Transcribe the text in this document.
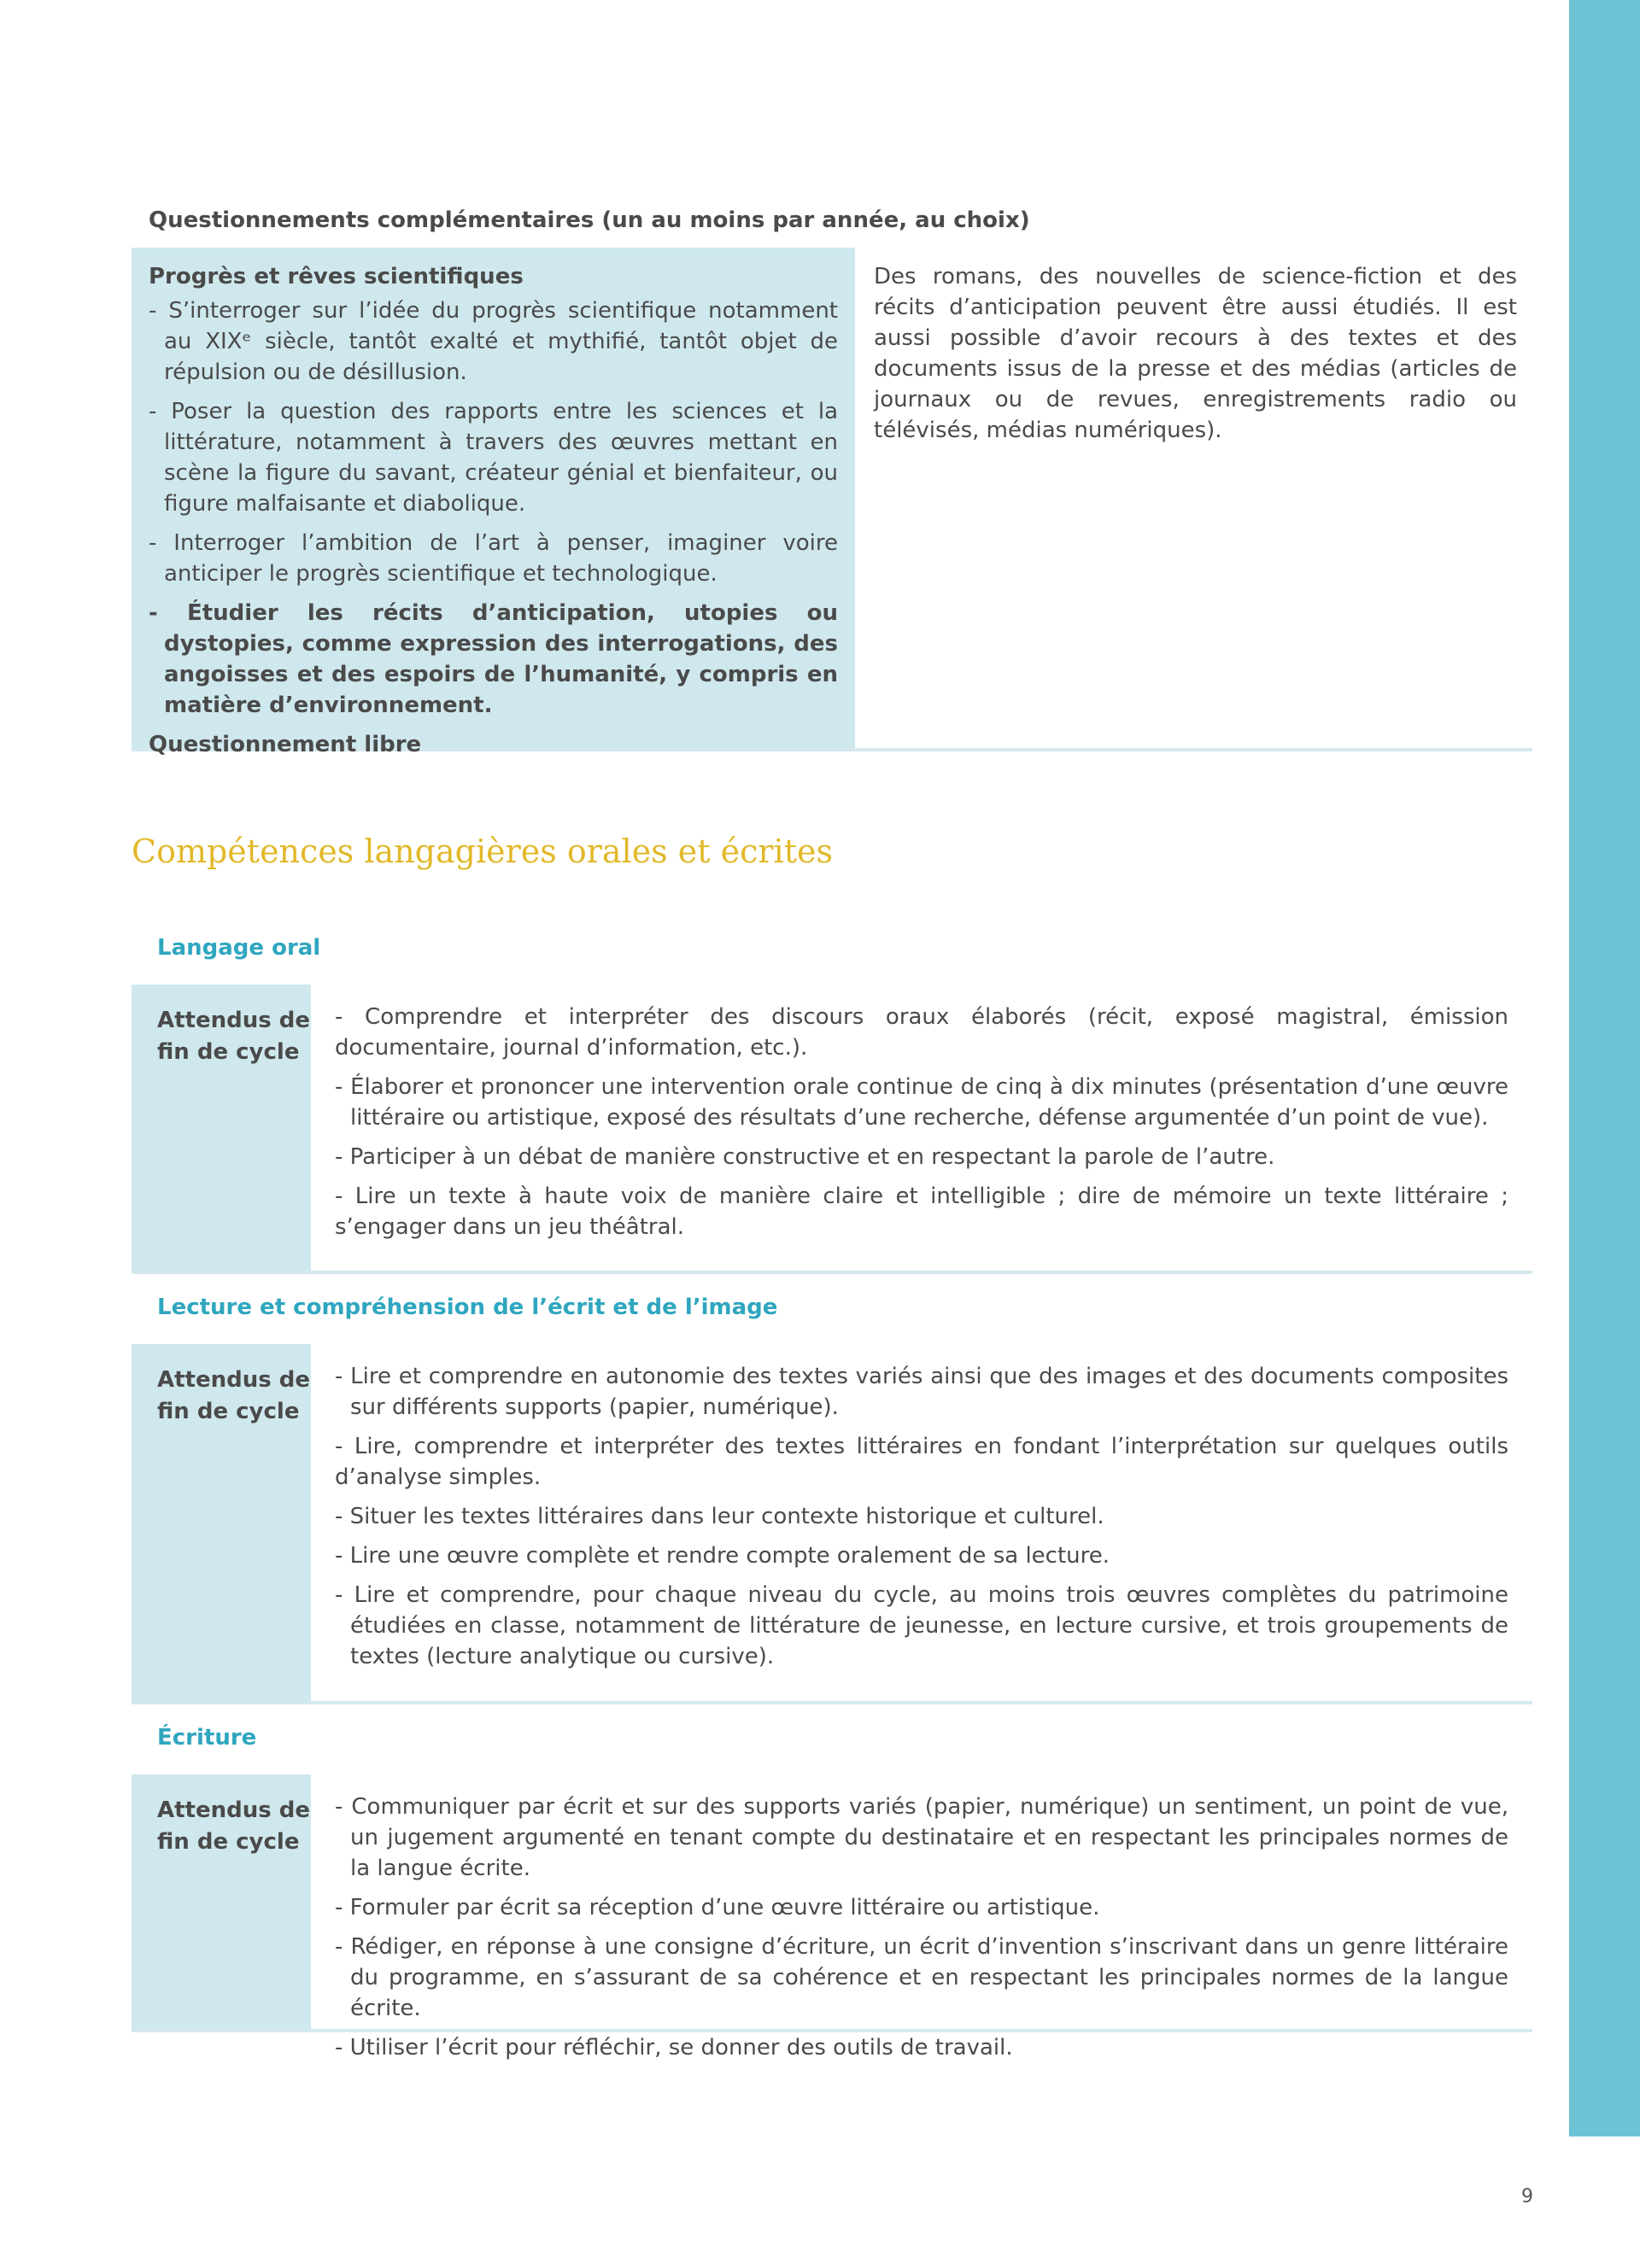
Questionnements complémentaires (un au moins par année, au choix)
Progrès et rêves scientifiques
- S’interroger sur l’idée du progrès scientifique notamment au XIXᵉ siècle, tantôt exalté et mythifié, tantôt objet de répulsion ou de désillusion.
- Poser la question des rapports entre les sciences et la littérature, notamment à travers des œuvres mettant en scène la figure du savant, créateur génial et bienfaiteur, ou figure malfaisante et diabolique.
- Interroger l’ambition de l’art à penser, imaginer voire anticiper le progrès scientifique et technologique.
- Étudier les récits d’anticipation, utopies ou dystopies, comme expression des interrogations, des angoisses et des espoirs de l’humanité, y compris en matière d’environnement.
Questionnement libre
Des romans, des nouvelles de science-fiction et des récits d’anticipation peuvent être aussi étudiés. Il est aussi possible d’avoir recours à des textes et des documents issus de la presse et des médias (articles de journaux ou de revues, enregistrements radio ou télévisés, médias numériques).
Compétences langagières orales et écrites
Langage oral
Attendus de fin de cycle
- Comprendre et interpréter des discours oraux élaborés (récit, exposé magistral, émission documentaire, journal d’information, etc.).
- Élaborer et prononcer une intervention orale continue de cinq à dix minutes (présentation d’une œuvre littéraire ou artistique, exposé des résultats d’une recherche, défense argumentée d’un point de vue).
- Participer à un débat de manière constructive et en respectant la parole de l’autre.
- Lire un texte à haute voix de manière claire et intelligible ; dire de mémoire un texte littéraire ; s’engager dans un jeu théâtral.
Lecture et compréhension de l’écrit et de l’image
Attendus de fin de cycle
- Lire et comprendre en autonomie des textes variés ainsi que des images et des documents composites sur différents supports (papier, numérique).
- Lire, comprendre et interpréter des textes littéraires en fondant l’interprétation sur quelques outils d’analyse simples.
- Situer les textes littéraires dans leur contexte historique et culturel.
- Lire une œuvre complète et rendre compte oralement de sa lecture.
- Lire et comprendre, pour chaque niveau du cycle, au moins trois œuvres complètes du patrimoine étudiées en classe, notamment de littérature de jeunesse, en lecture cursive, et trois groupements de textes (lecture analytique ou cursive).
Écriture
Attendus de fin de cycle
- Communiquer par écrit et sur des supports variés (papier, numérique) un sentiment, un point de vue, un jugement argumenté en tenant compte du destinataire et en respectant les principales normes de la langue écrite.
- Formuler par écrit sa réception d’une œuvre littéraire ou artistique.
- Rédiger, en réponse à une consigne d’écriture, un écrit d’invention s’inscrivant dans un genre littéraire du programme, en s’assurant de sa cohérence et en respectant les principales normes de la langue écrite.
- Utiliser l’écrit pour réfléchir, se donner des outils de travail.
9
